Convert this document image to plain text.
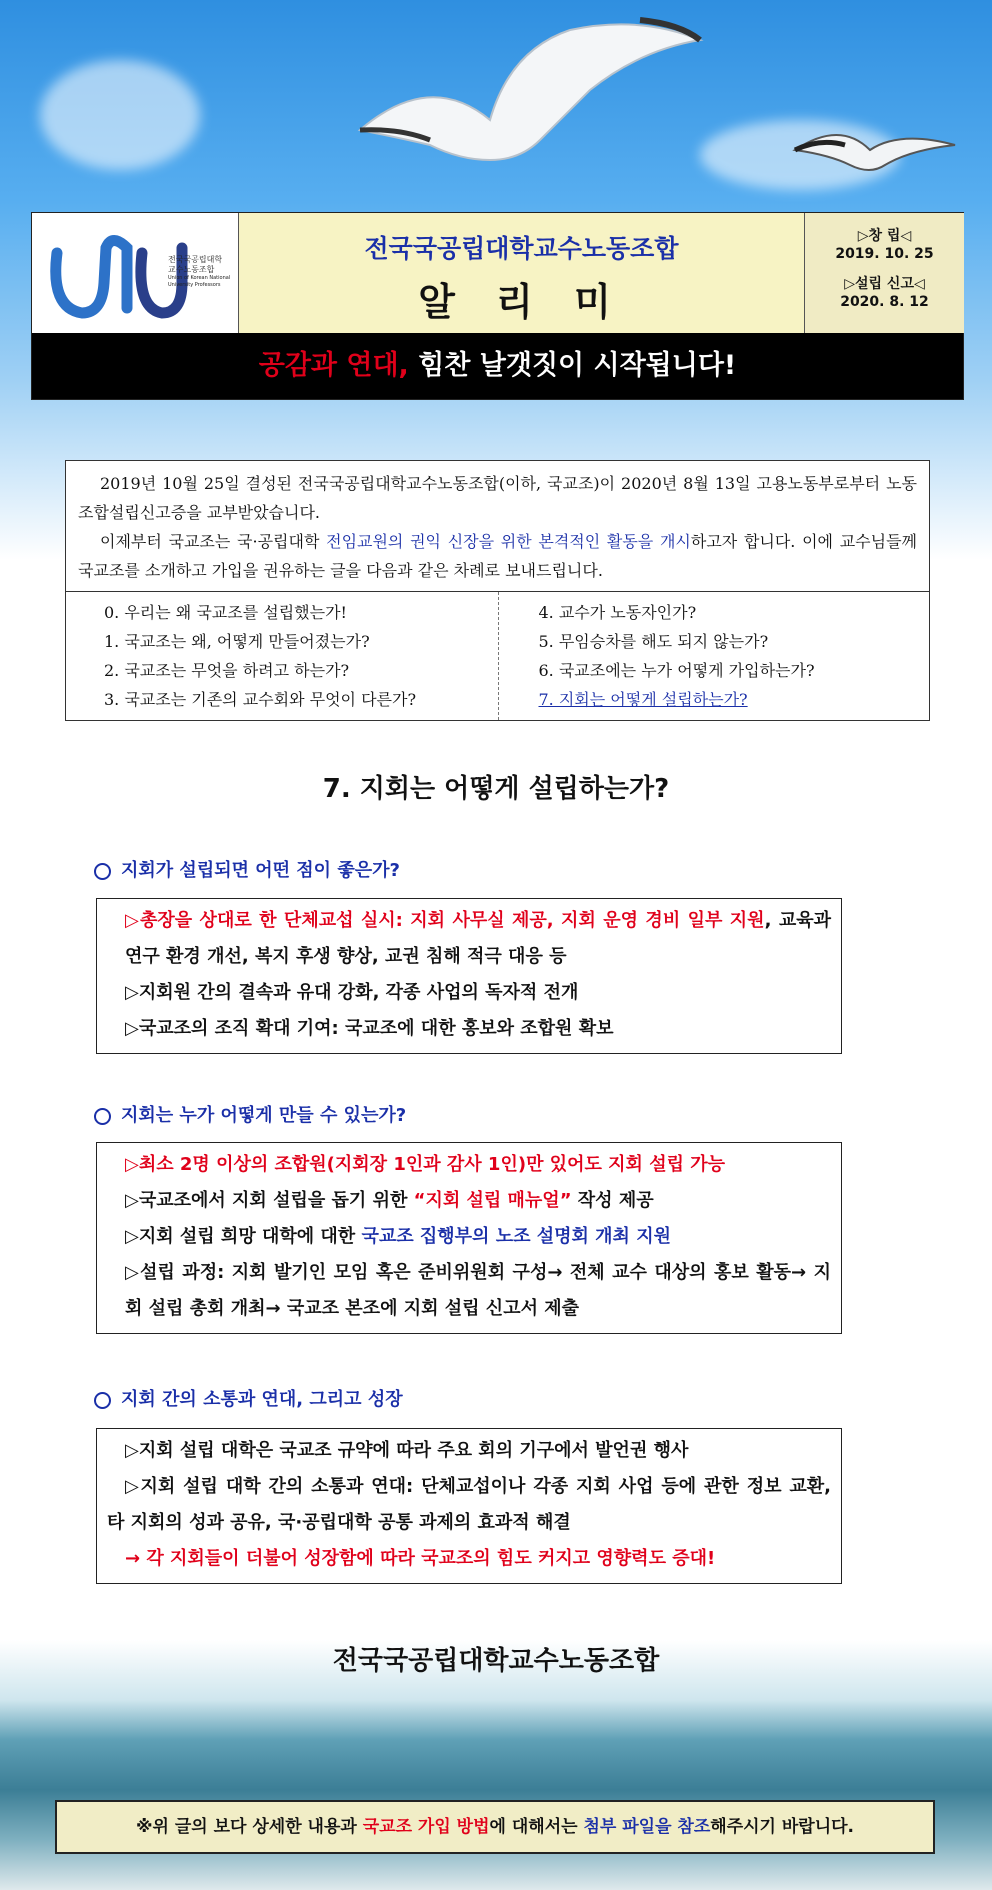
전국국공립대학
교수노동조합
Union of Korean National
University Professors
전국국공립대학교수노동조합
알 리 미
▷창 립◁
2019. 10. 25
▷설립 신고◁
2020. 8. 12
공감과 연대, 힘찬 날갯짓이 시작됩니다!

2019년 10월 25일 결성된 전국국공립대학교수노동조합(이하, 국교조)이 2020년 8월 13일 고용노동부로부터 노동조합설립신고증을 교부받았습니다.

이제부터 국교조는 국·공립대학 전임교원의 권익 신장을 위한 본격적인 활동을 개시하고자 합니다. 이에 교수님들께 국교조를 소개하고 가입을 권유하는 글을 다음과 같은 차례로 보내드립니다.

0. 우리는 왜 국교조를 설립했는가!
1. 국교조는 왜, 어떻게 만들어졌는가?
2. 국교조는 무엇을 하려고 하는가?
3. 국교조는 기존의 교수회와 무엇이 다른가?
4. 교수가 노동자인가?
5. 무임승차를 해도 되지 않는가?
6. 국교조에는 누가 어떻게 가입하는가?
7. 지회는 어떻게 설립하는가?
7. 지회는 어떻게 설립하는가?
지회가 설립되면 어떤 점이 좋은가?

▷총장을 상대로 한 단체교섭 실시: 지회 사무실 제공, 지회 운영 경비 일부 지원, 교육과 연구 환경 개선, 복지 후생 향상, 교권 침해 적극 대응 등

▷지회원 간의 결속과 유대 강화, 각종 사업의 독자적 전개

▷국교조의 조직 확대 기여: 국교조에 대한 홍보와 조합원 확보

지회는 누가 어떻게 만들 수 있는가?

▷최소 2명 이상의 조합원(지회장 1인과 감사 1인)만 있어도 지회 설립 가능

▷국교조에서 지회 설립을 돕기 위한 “지회 설립 매뉴얼” 작성 제공

▷지회 설립 희망 대학에 대한 국교조 집행부의 노조 설명회 개최 지원

▷설립 과정: 지회 발기인 모임 혹은 준비위원회 구성→ 전체 교수 대상의 홍보 활동→ 지회 설립 총회 개최→ 국교조 본조에 지회 설립 신고서 제출

지회 간의 소통과 연대, 그리고 성장

▷지회 설립 대학은 국교조 규약에 따라 주요 회의 기구에서 발언권 행사

▷지회 설립 대학 간의 소통과 연대: 단체교섭이나 각종 지회 사업 등에 관한 정보 교환, 타 지회의 성과 공유, 국·공립대학 공통 과제의 효과적 해결

→ 각 지회들이 더불어 성장함에 따라 국교조의 힘도 커지고 영향력도 증대!

전국국공립대학교수노동조합
※위 글의 보다 상세한 내용과 국교조 가입 방법에 대해서는 첨부 파일을 참조해주시기 바랍니다.
